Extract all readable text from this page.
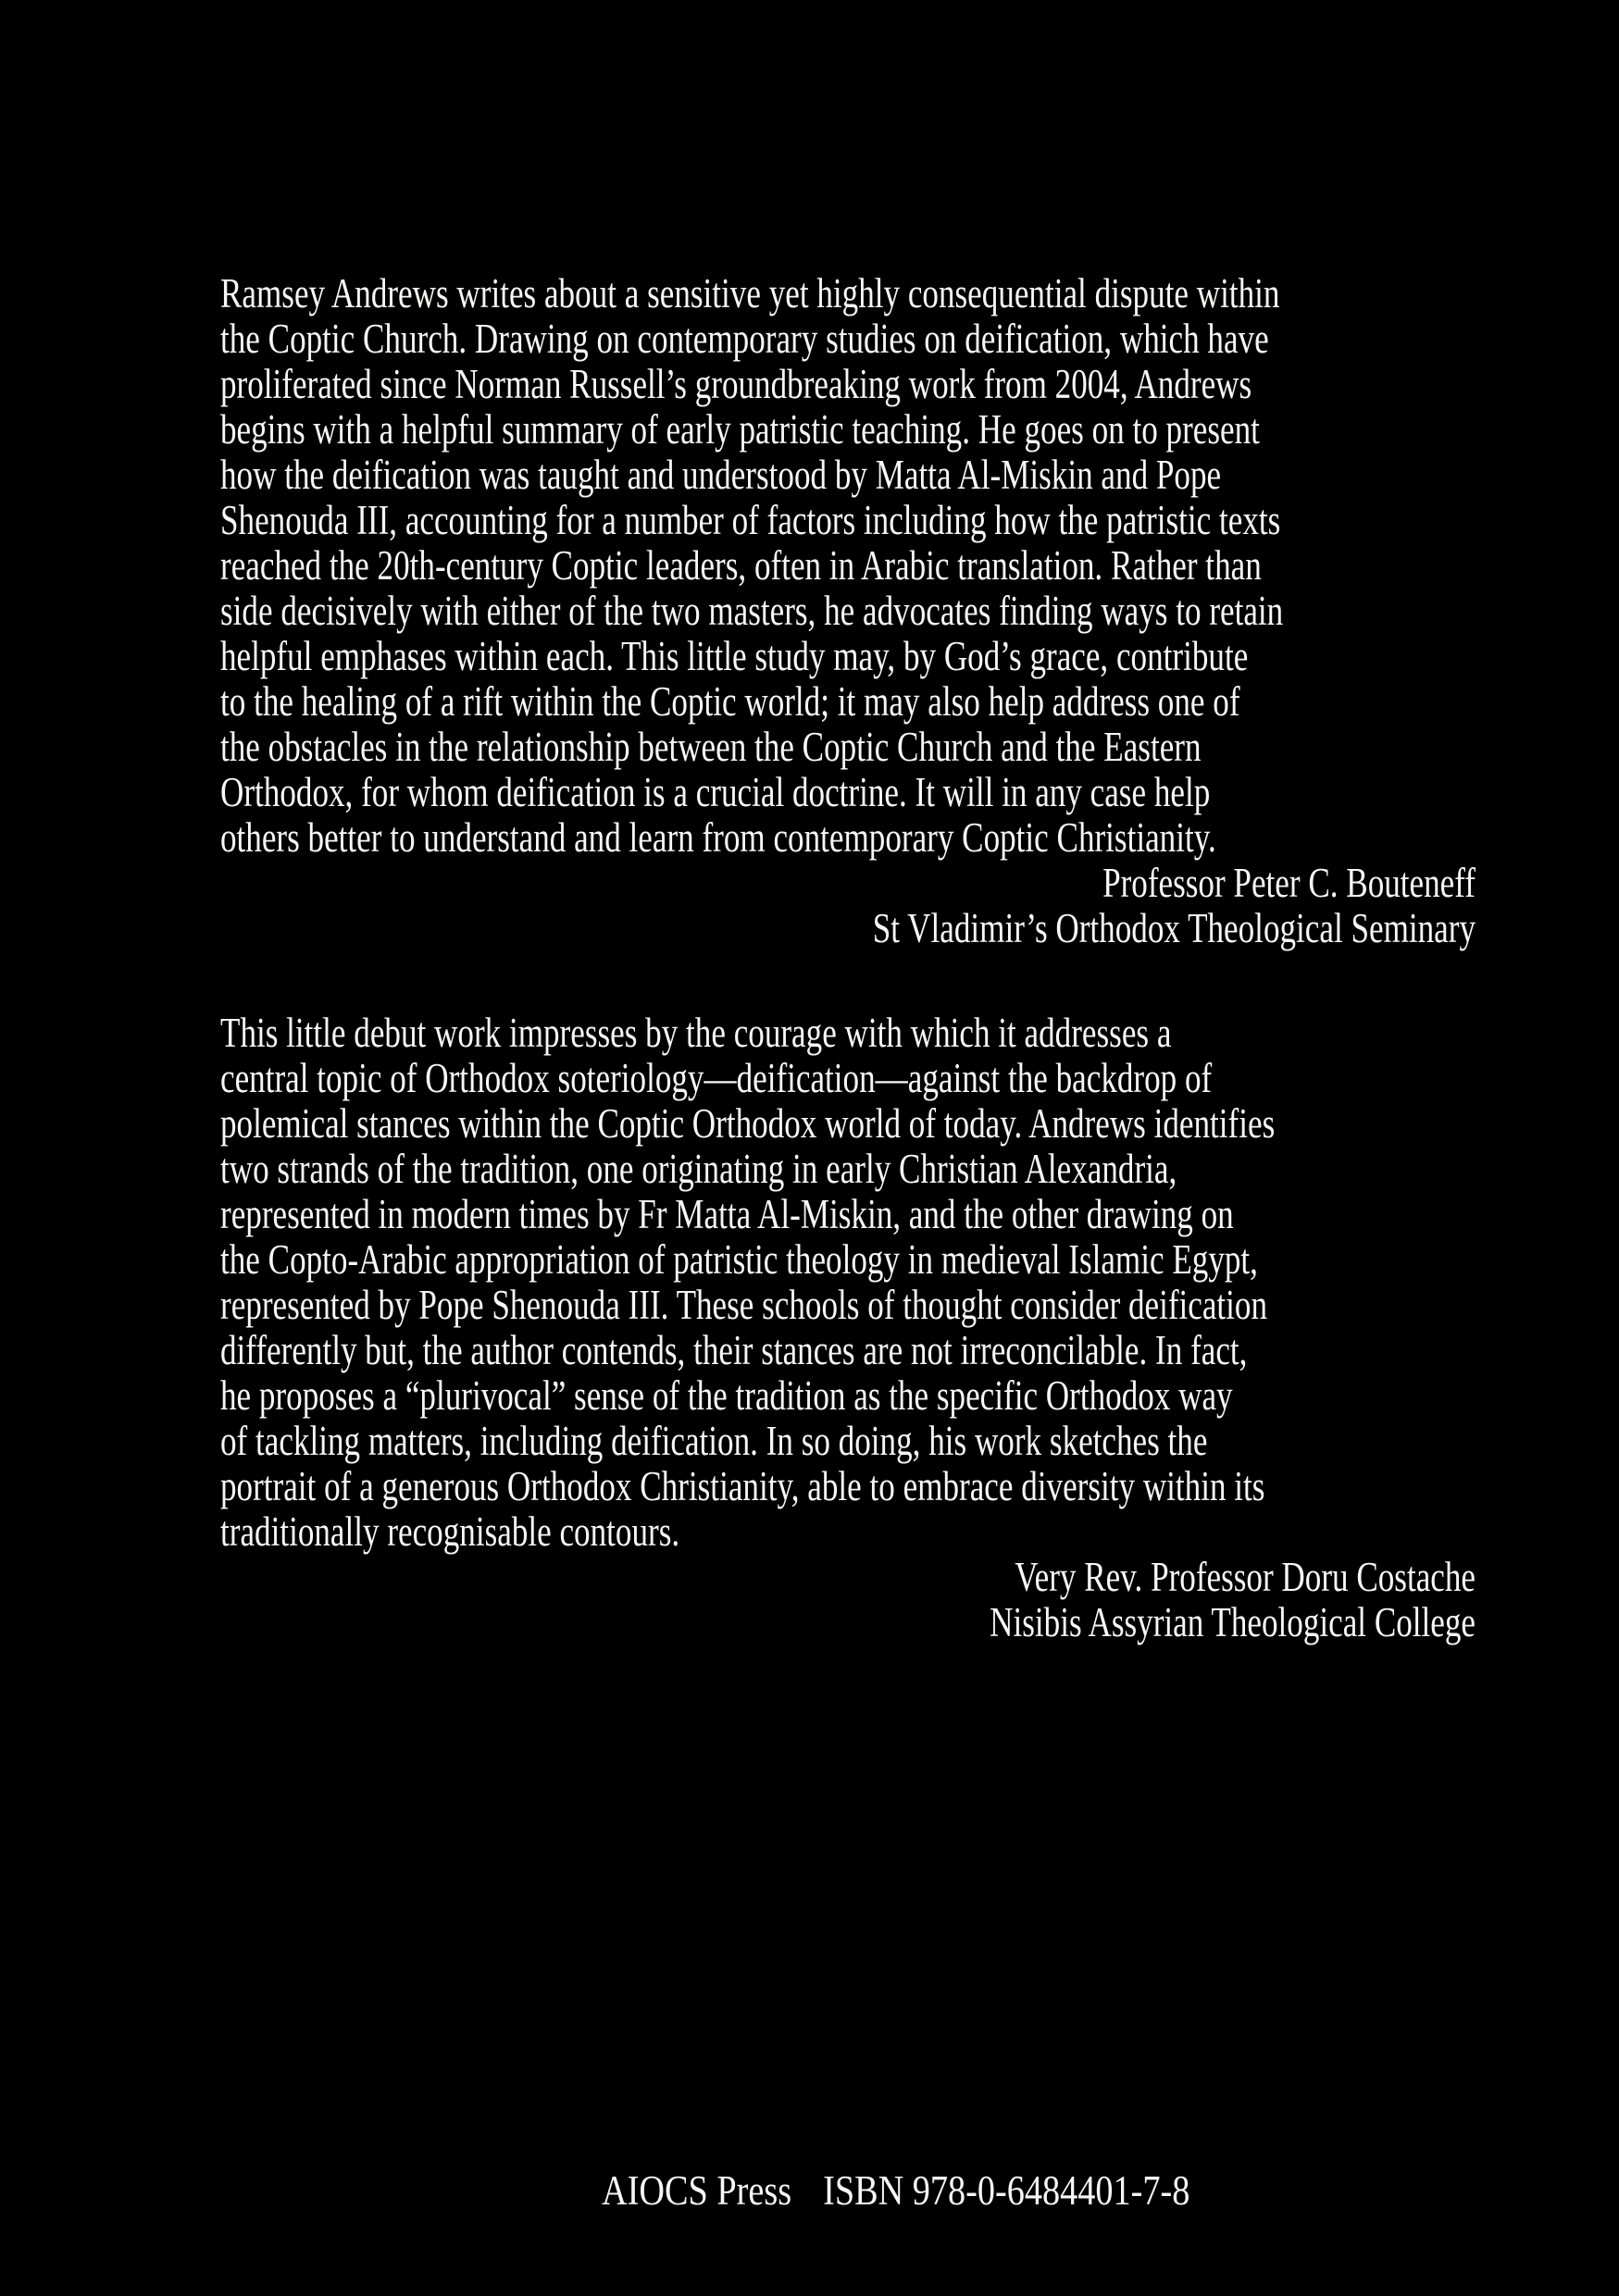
Ramsey Andrews writes about a sensitive yet highly consequential dispute within
the Coptic Church. Drawing on contemporary studies on deification, which have
proliferated since Norman Russell’s groundbreaking work from 2004, Andrews
begins with a helpful summary of early patristic teaching. He goes on to present
how the deification was taught and understood by Matta Al-Miskin and Pope
Shenouda III, accounting for a number of factors including how the patristic texts
reached the 20th-century Coptic leaders, often in Arabic translation. Rather than
side decisively with either of the two masters, he advocates finding ways to retain
helpful emphases within each. This little study may, by God’s grace, contribute
to the healing of a rift within the Coptic world; it may also help address one of
the obstacles in the relationship between the Coptic Church and the Eastern
Orthodox, for whom deification is a crucial doctrine. It will in any case help
others better to understand and learn from contemporary Coptic Christianity.
Professor Peter C. Bouteneff
St Vladimir’s Orthodox Theological Seminary
This little debut work impresses by the courage with which it addresses a
central topic of Orthodox soteriology—deification—against the backdrop of
polemical stances within the Coptic Orthodox world of today. Andrews identifies
two strands of the tradition, one originating in early Christian Alexandria,
represented in modern times by Fr Matta Al-Miskin, and the other drawing on
the Copto-Arabic appropriation of patristic theology in medieval Islamic Egypt,
represented by Pope Shenouda III. These schools of thought consider deification
differently but, the author contends, their stances are not irreconcilable. In fact,
he proposes a “plurivocal” sense of the tradition as the specific Orthodox way
of tackling matters, including deification. In so doing, his work sketches the
portrait of a generous Orthodox Christianity, able to embrace diversity within its
traditionally recognisable contours.
Very Rev. Professor Doru Costache
Nisibis Assyrian Theological College
AIOCS Press ISBN 978-0-6484401-7-8
